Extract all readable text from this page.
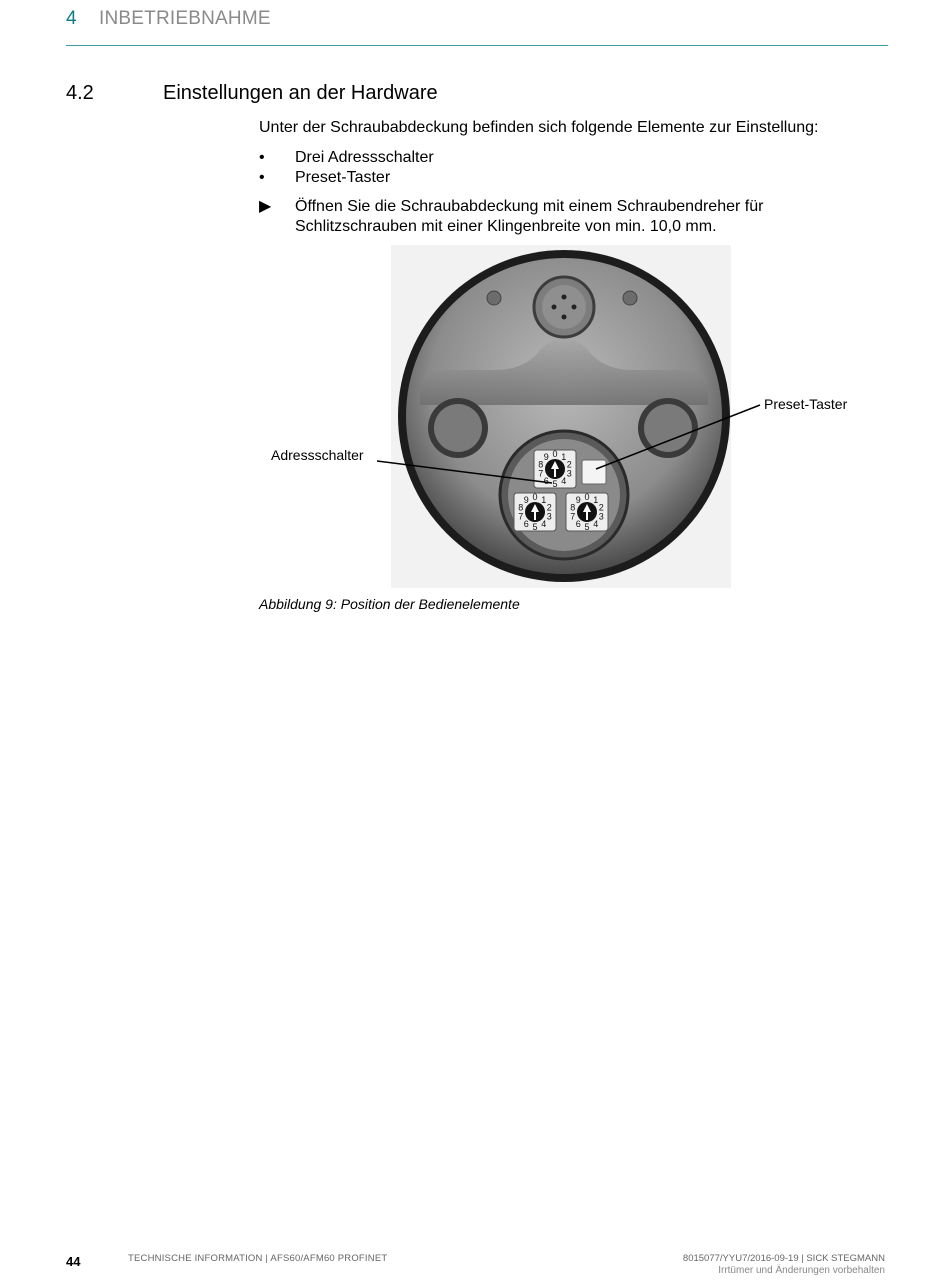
4 INBETRIEBNAHME
4.2	Einstellungen an der Hardware
Unter der Schraubabdeckung befinden sich folgende Elemente zur Einstellung:
• Drei Adressschalter
• Preset-Taster
▶ Öffnen Sie die Schraubabdeckung mit einem Schraubendreher für Schlitzschrauben mit einer Klingenbreite von min. 10,0 mm.
0 1
2
3
4
5
6
7
8
9
0 1
2
3
4
5
6
7
8
9	0 1
2
3
4
5
6
7
8
9
Adressschalter
Preset-Taster
Abbildung 9: Position der Bedienelemente
44	TECHNISCHE INFORMATION | AFS60/AFM60 PROFINET	8015077/YYU7/2016-09-19 | SICK STEGMANN
Irrtümer und Änderungen vorbehalten
